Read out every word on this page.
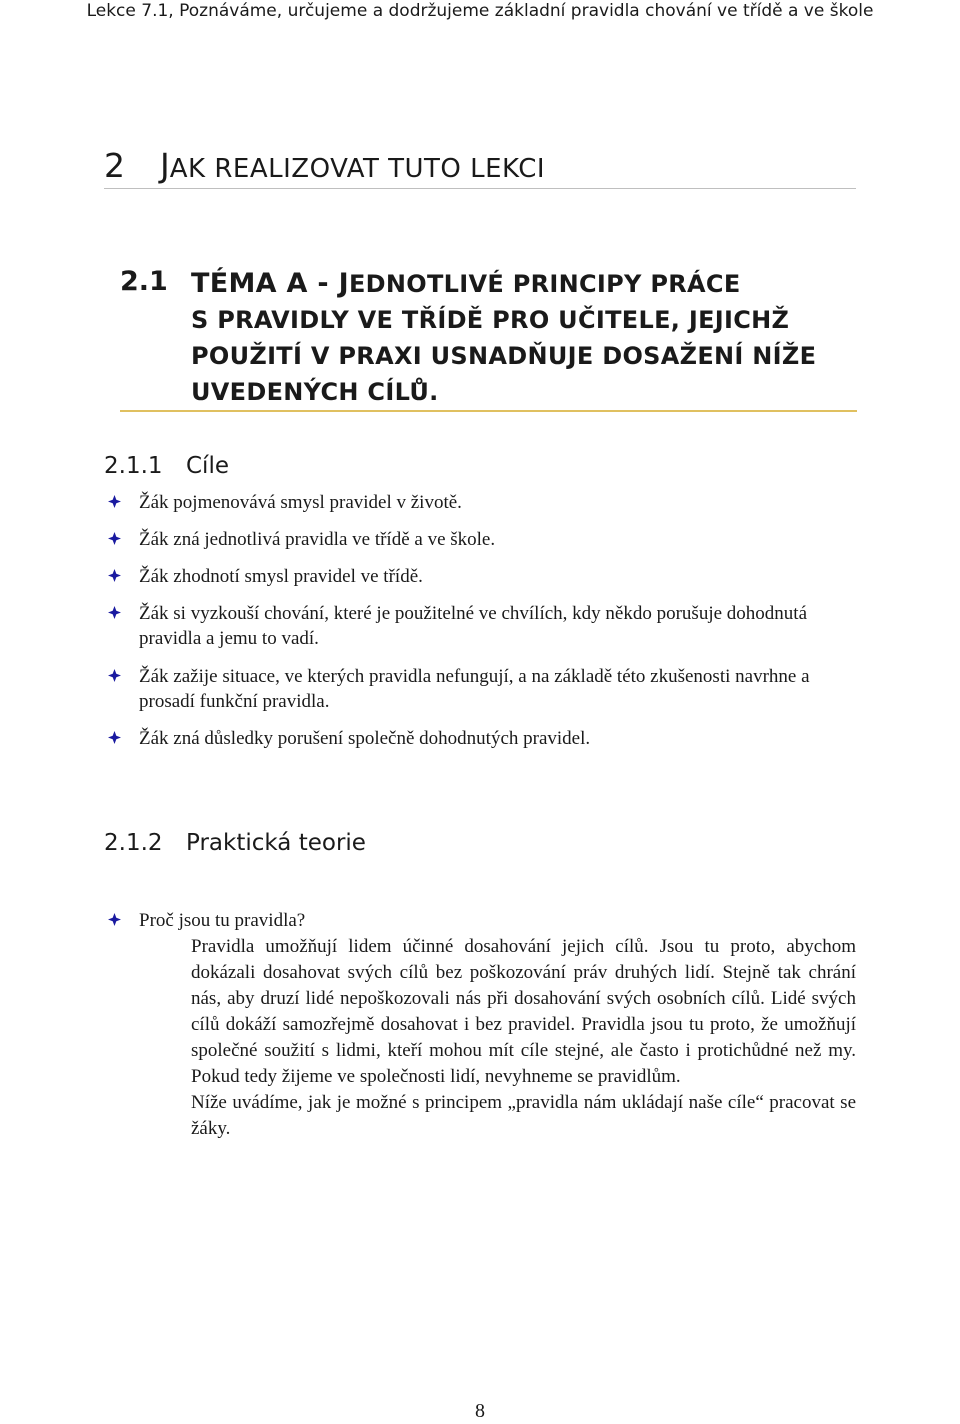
Lekce 7.1, Poznáváme, určujeme a dodržujeme základní pravidla chování ve třídě a ve škole
2 JAK REALIZOVAT TUTO LEKCI
2.1 TÉMA A - JEDNOTLIVÉ PRINCIPY PRÁCE
S PRAVIDLY VE TŘÍDĚ PRO UČITELE, JEJICHŽ
POUŽITÍ V PRAXI USNADŇUJE DOSAŽENÍ NÍŽE
UVEDENÝCH CÍLŮ.
2.1.1 Cíle
Žák pojmenovává smysl pravidel v životě.
Žák zná jednotlivá pravidla ve třídě a ve škole.
Žák zhodnotí smysl pravidel ve třídě.
Žák si vyzkouší chování, které je použitelné ve chvílích, kdy někdo porušuje dohodnutá pravidla a jemu to vadí.
Žák zažije situace, ve kterých pravidla nefungují, a na základě této zkušenosti navrhne a prosadí funkční pravidla.
Žák zná důsledky porušení společně dohodnutých pravidel.
2.1.2 Praktická teorie
Proč jsou tu pravidla?
Pravidla umožňují lidem účinné dosahování jejich cílů. Jsou tu proto, abychom dokázali dosahovat svých cílů bez poškozování práv druhých lidí. Stejně tak chrání nás, aby druzí lidé nepoškozovali nás při dosahování svých osobních cílů. Lidé svých cílů dokáží samozřejmě dosahovat i bez pravidel. Pravidla jsou tu proto, že umožňují společné soužití s lidmi, kteří mohou mít cíle stejné, ale často i protichůdné než my. Pokud tedy žijeme ve společnosti lidí, nevyhneme se pravidlům.
Níže uvádíme, jak je možné s principem „pravidla nám ukládají naše cíle“ pracovat se žáky.
8
